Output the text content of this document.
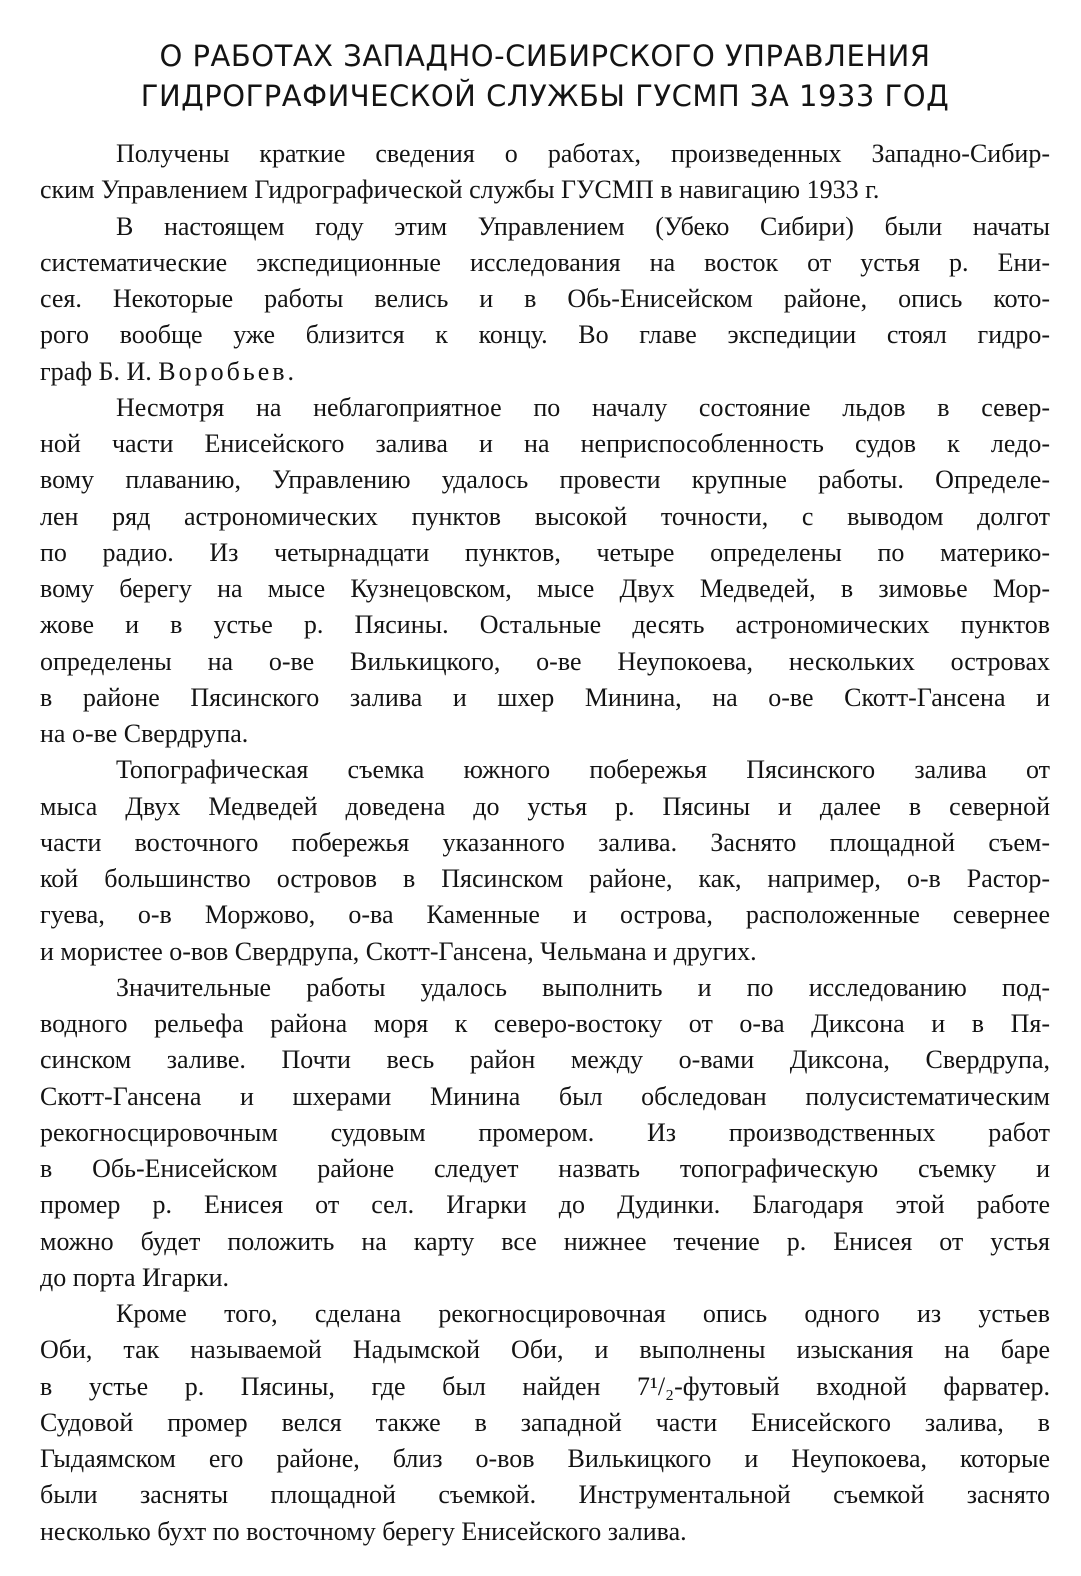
О РАБОТАХ ЗАПАДНО-СИБИРСКОГО УПРАВЛЕНИЯ
ГИДРОГРАФИЧЕСКОЙ СЛУЖБЫ ГУСМП ЗА 1933 ГОД

Получены краткие сведения о работах, произведенных Западно-Сибир-
ским Управлением Гидрографической службы ГУСМП в навигацию 1933 г.

В настоящем году этим Управлением (Убеко Сибири) были начаты
систематические экспедиционные исследования на восток от устья р. Ени-
сея. Некоторые работы велись и в Обь-Енисейском районе, опись кото-
рого вообще уже близится к концу. Во главе экспедиции стоял гидро-
граф Б. И. Воробьев.

Несмотря на неблагоприятное по началу состояние льдов в север-
ной части Енисейского залива и на неприспособленность судов к ледо-
вому плаванию, Управлению удалось провести крупные работы. Определе-
лен ряд астрономических пунктов высокой точности, с выводом долгот
по радио. Из четырнадцати пунктов, четыре определены по материко-
вому берегу на мысе Кузнецовском, мысе Двух Медведей, в зимовье Мор-
жове и в устье р. Пясины. Остальные десять астрономических пунктов
определены на о-ве Вилькицкого, о-ве Неупокоева, нескольких островах
в районе Пясинского залива и шхер Минина, на о-ве Скотт-Гансена и
на о-ве Свердрупа.

Топографическая съемка южного побережья Пясинского залива от
мыса Двух Медведей доведена до устья р. Пясины и далее в северной
части восточного побережья указанного залива. Заснято площадной съем-
кой большинство островов в Пясинском районе, как, например, о-в Растор-
гуева, о-в Моржово, о-ва Каменные и острова, расположенные севернее
и мористее о-вов Свердрупа, Скотт-Гансена, Чельмана и других.

Значительные работы удалось выполнить и по исследованию под-
водного рельефа района моря к северо-востоку от о-ва Диксона и в Пя-
синском заливе. Почти весь район между о-вами Диксона, Свердрупа,
Скотт-Гансена и шхерами Минина был обследован полусистематическим
рекогносцировочным судовым промером. Из производственных работ
в Обь-Енисейском районе следует назвать топографическую съемку и
промер р. Енисея от сел. Игарки до Дудинки. Благодаря этой работе
можно будет положить на карту все нижнее течение р. Енисея от устья
до порта Игарки.

Кроме того, сделана рекогносцировочная опись одного из устьев
Оби, так называемой Надымской Оби, и выполнены изыскания на баре
в устье р. Пясины, где был найден 7¹/₂-футовый входной фарватер.
Судовой промер велся также в западной части Енисейского залива, в
Гыдаямском его районе, близ о-вов Вилькицкого и Неупокоева, которые
были засняты площадной съемкой. Инструментальной съемкой заснято
несколько бухт по восточному берегу Енисейского залива.
